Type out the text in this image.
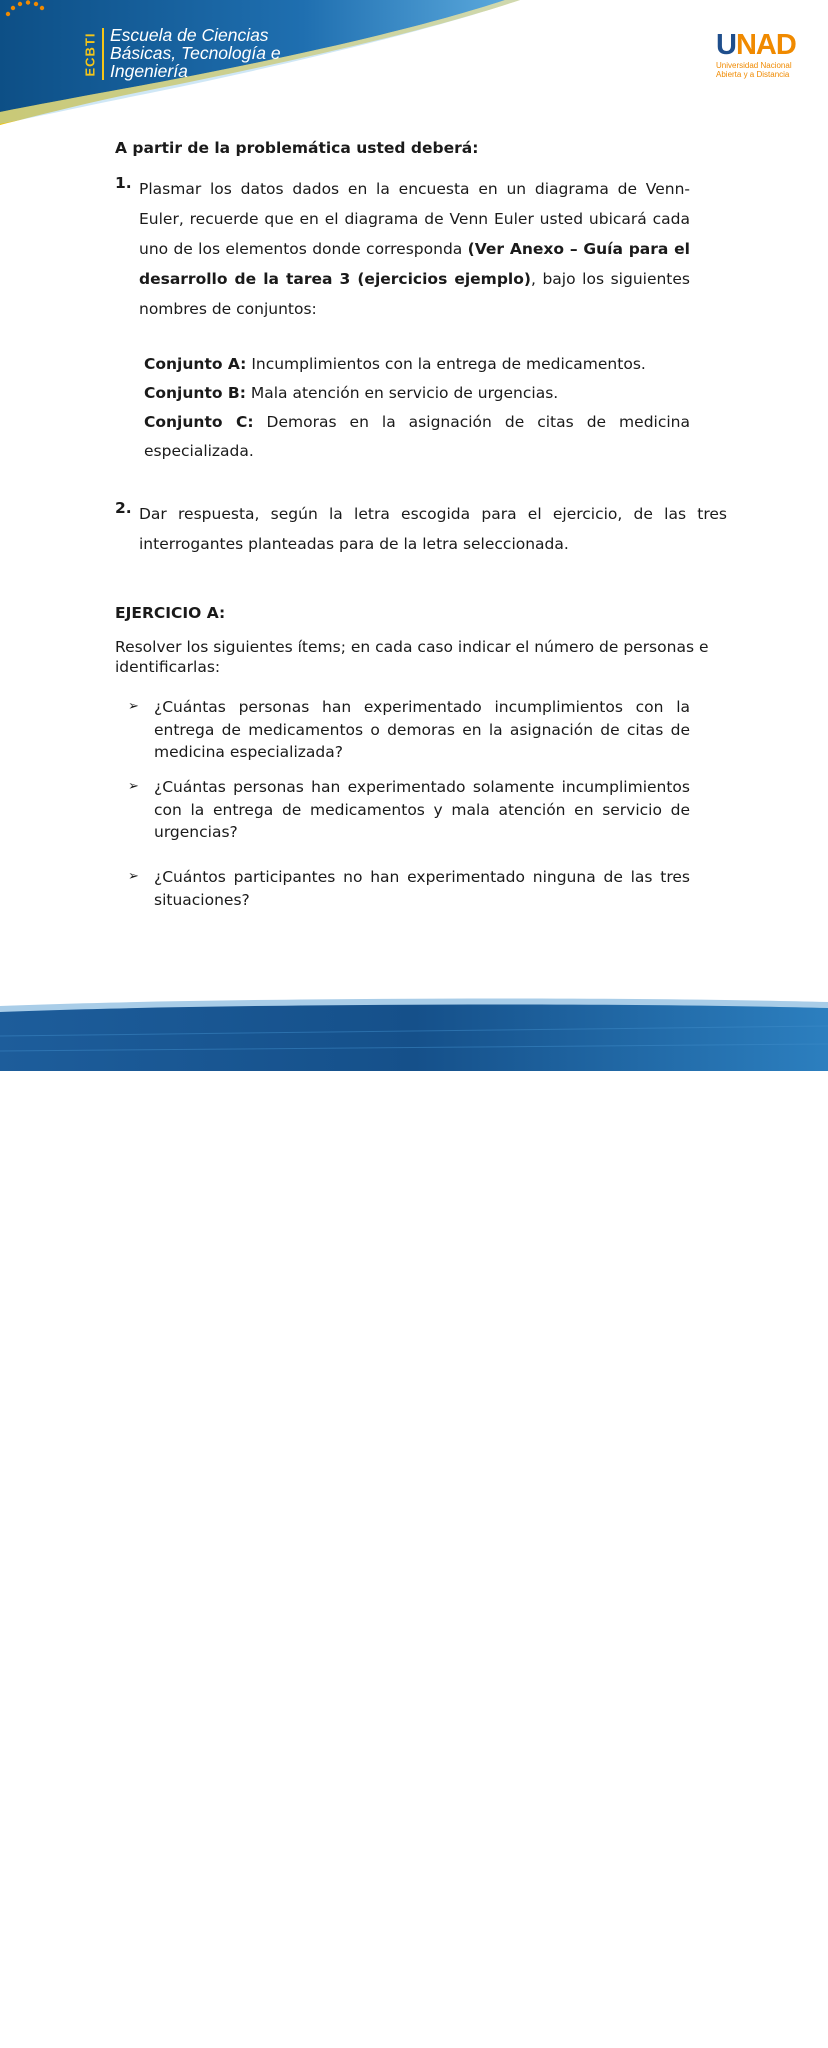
ECBTI Escuela de Ciencias
Básicas, Tecnología e
Ingeniería
UNAD
Universidad Nacional
Abierta y a Distancia
A partir de la problemática usted deberá:
1. Plasmar los datos dados en la encuesta en un diagrama de Venn-Euler, recuerde que en el diagrama de Venn Euler usted ubicará cada uno de los elementos donde corresponda (Ver Anexo – Guía para el desarrollo de la tarea 3 (ejercicios ejemplo), bajo los siguientes nombres de conjuntos:

Conjunto A: Incumplimientos con la entrega de medicamentos.

Conjunto B: Mala atención en servicio de urgencias.

Conjunto C: Demoras en la asignación de citas de medicina especializada.

2. Dar respuesta, según la letra escogida para el ejercicio, de las tres interrogantes planteadas para de la letra seleccionada.
EJERCICIO A:
Resolver los siguientes ítems; en cada caso indicar el número de personas e identificarlas:
➢ ¿Cuántas personas han experimentado incumplimientos con la entrega de medicamentos o demoras en la asignación de citas de medicina especializada?
➢ ¿Cuántas personas han experimentado solamente incumplimientos con la entrega de medicamentos y mala atención en servicio de urgencias?
➢ ¿Cuántos participantes no han experimentado ninguna de las tres situaciones?
Prohibida su reproducción y copia sin autorización de la UNAD.	UNAD © 2020 derechos reservados.
